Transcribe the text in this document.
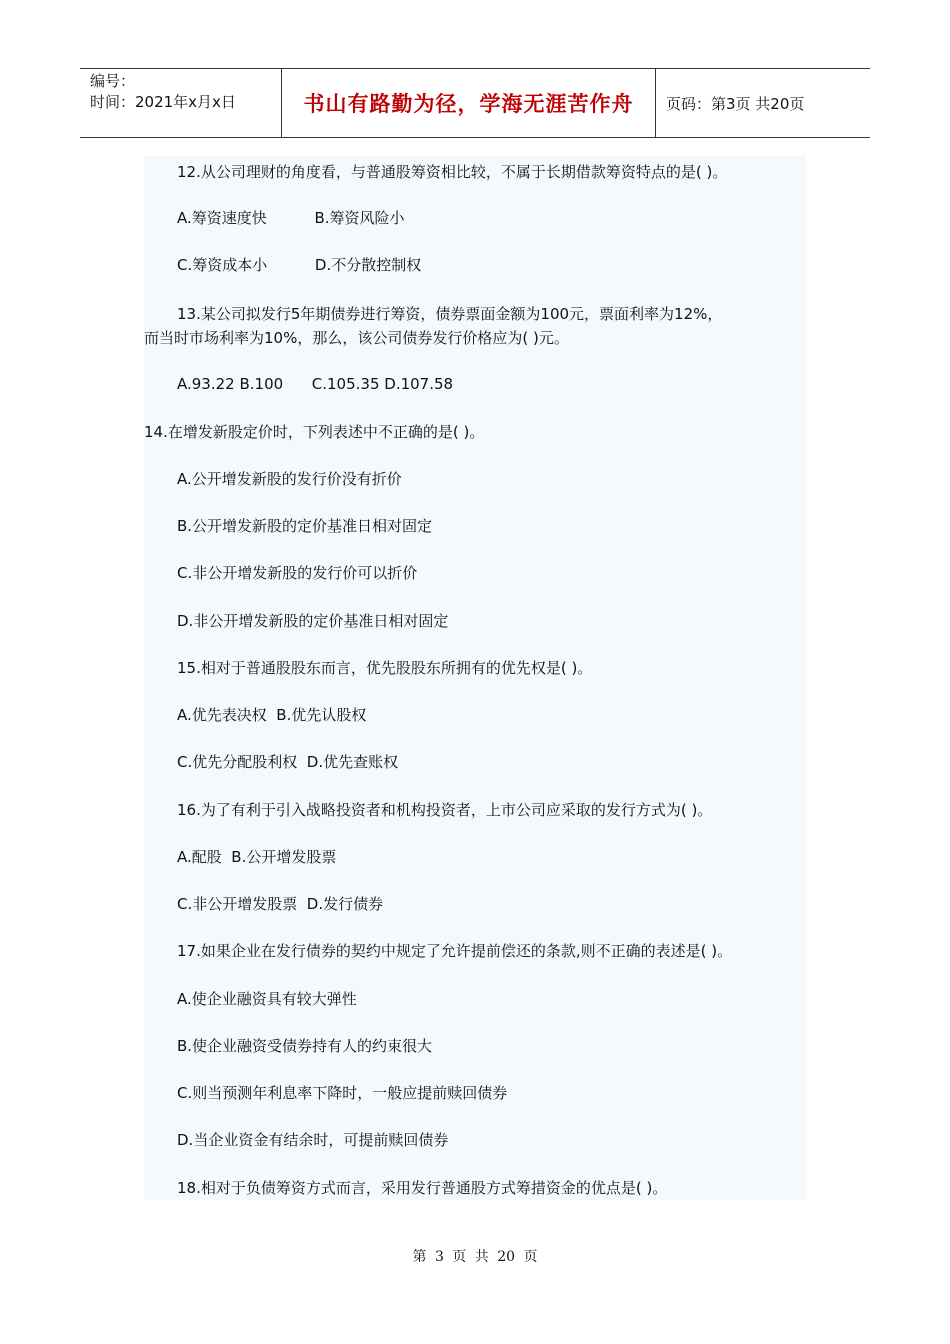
编号：
时间：2021年x月x日	书山有路勤为径，学海无涯苦作舟	页码：第3页 共20页
12.从公司理财的角度看，与普通股筹资相比较，不属于长期借款筹资特点的是( )。
A.筹资速度快          B.筹资风险小
C.筹资成本小          D.不分散控制权
13.某公司拟发行5年期债券进行筹资，债券票面金额为100元，票面利率为12%，
而当时市场利率为10%，那么，该公司债券发行价格应为( )元。
A.93.22 B.100      C.105.35 D.107.58
14.在增发新股定价时，下列表述中不正确的是( )。
A.公开增发新股的发行价没有折价
B.公开增发新股的定价基准日相对固定
C.非公开增发新股的发行价可以折价
D.非公开增发新股的定价基准日相对固定
15.相对于普通股股东而言，优先股股东所拥有的优先权是( )。
A.优先表决权  B.优先认股权
C.优先分配股利权  D.优先查账权
16.为了有利于引入战略投资者和机构投资者，上市公司应采取的发行方式为( )。
A.配股  B.公开增发股票
C.非公开增发股票  D.发行债券
17.如果企业在发行债券的契约中规定了允许提前偿还的条款,则不正确的表述是( )。
A.使企业融资具有较大弹性
B.使企业融资受债券持有人的约束很大
C.则当预测年利息率下降时，一般应提前赎回债券
D.当企业资金有结余时，可提前赎回债券
18.相对于负债筹资方式而言，采用发行普通股方式筹措资金的优点是( )。
第 3 页 共 20 页
